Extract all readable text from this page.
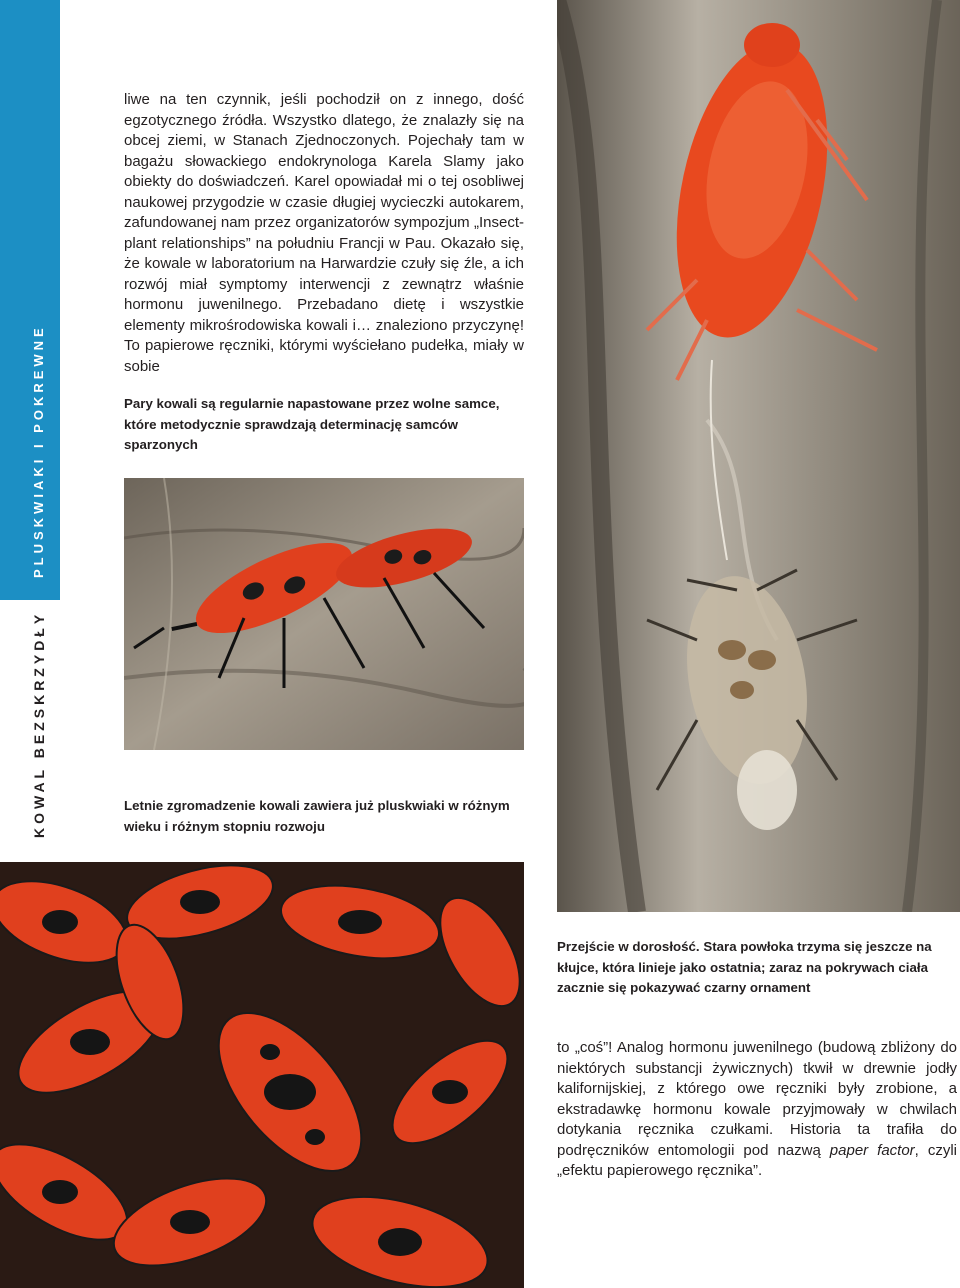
PLUSKWIAKI I POKREWNE
KOWAL BEZSKRZYDŁY

liwe na ten czynnik, jeśli pochodził on z innego, dość egzotycznego źródła. Wszystko dlatego, że znalazły się na obcej ziemi, w Stanach Zjednoczonych. Pojechały tam w bagażu słowackiego endokrynologa Karela Slamy jako obiekty do doświadczeń. Karel opowiadał mi o tej osobliwej naukowej przygodzie w czasie długiej wycieczki autokarem, zafundowanej nam przez organizatorów sympozjum „Insect-plant relationships” na południu Francji w Pau. Okazało się, że kowale w laboratorium na Harwardzie czuły się źle, a ich rozwój miał symptomy interwencji z zewnątrz właśnie hormonu juwenilnego. Przebadano dietę i wszystkie elementy mikrośrodowiska kowali i… znaleziono przyczynę! To papierowe ręczniki, którymi wyściełano pudełka, miały w sobie

Pary kowali są regularnie napastowane przez wolne samce, które metodycznie sprawdzają determinację samców sparzonych

Letnie zgromadzenie kowali zawiera już pluskwiaki w różnym wieku i różnym stopniu rozwoju

Przejście w dorosłość. Stara powłoka trzyma się jeszcze na kłujce, która linieje jako ostatnia; zaraz na pokrywach ciała zacznie się pokazywać czarny ornament

to „coś”! Analog hormonu juwenilnego (budową zbliżony do niektórych substancji żywicznych) tkwił w drewnie jodły kalifornijskiej, z którego owe ręczniki były zrobione, a ekstradawkę hormonu kowale przyjmowały w chwilach dotykania ręcznika czułkami. Historia ta trafiła do podręczników entomologii pod nazwą paper factor, czyli „efektu papierowego ręcznika”.
